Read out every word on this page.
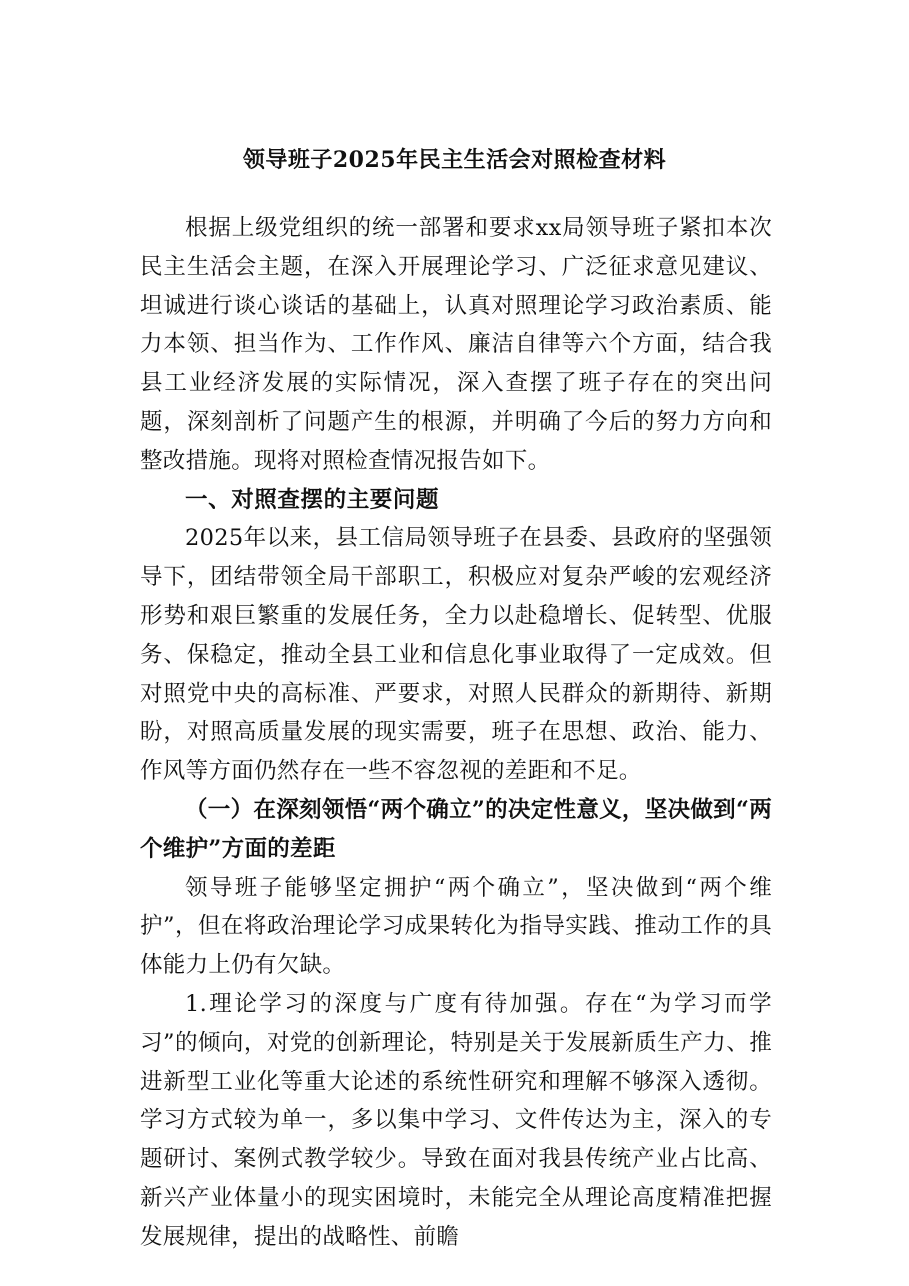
领导班子2025年民主生活会对照检查材料

根据上级党组织的统一部署和要求xx局领导班子紧扣本次民主生活会主题，在深入开展理论学习、广泛征求意见建议、坦诚进行谈心谈话的基础上，认真对照理论学习政治素质、能力本领、担当作为、工作作风、廉洁自律等六个方面，结合我县工业经济发展的实际情况，深入查摆了班子存在的突出问题，深刻剖析了问题产生的根源，并明确了今后的努力方向和整改措施。现将对照检查情况报告如下。

一、对照查摆的主要问题

2025年以来，县工信局领导班子在县委、县政府的坚强领导下，团结带领全局干部职工，积极应对复杂严峻的宏观经济形势和艰巨繁重的发展任务，全力以赴稳增长、促转型、优服务、保稳定，推动全县工业和信息化事业取得了一定成效。但对照党中央的高标准、严要求，对照人民群众的新期待、新期盼，对照高质量发展的现实需要，班子在思想、政治、能力、作风等方面仍然存在一些不容忽视的差距和不足。

（一）在深刻领悟“两个确立”的决定性意义，坚决做到“两个维护”方面的差距

领导班子能够坚定拥护“两个确立”，坚决做到“两个维护”，但在将政治理论学习成果转化为指导实践、推动工作的具体能力上仍有欠缺。

1.理论学习的深度与广度有待加强。存在“为学习而学习”的倾向，对党的创新理论，特别是关于发展新质生产力、推进新型工业化等重大论述的系统性研究和理解不够深入透彻。学习方式较为单一，多以集中学习、文件传达为主，深入的专题研讨、案例式教学较少。导致在面对我县传统产业占比高、新兴产业体量小的现实困境时，未能完全从理论高度精准把握发展规律，提出的战略性、前瞻
